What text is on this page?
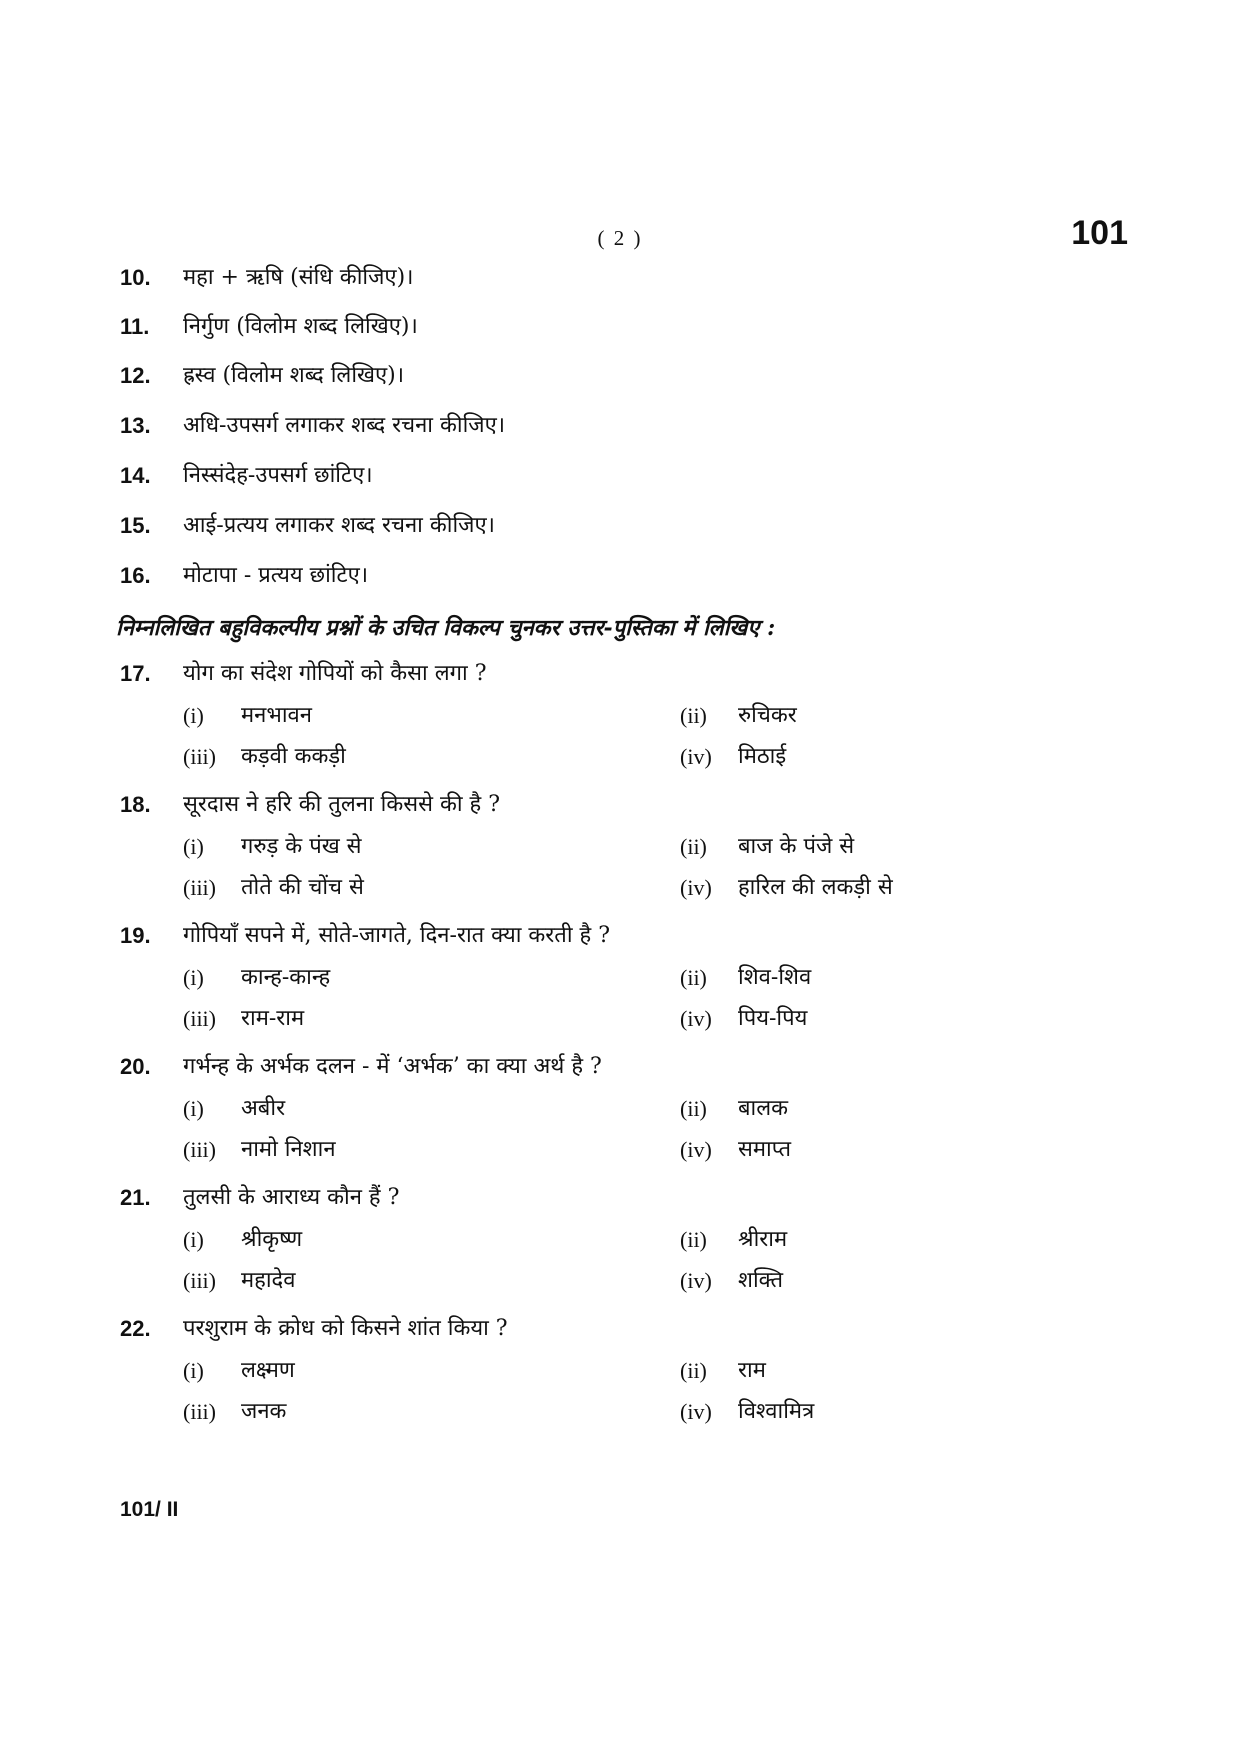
( 2 )	101
10. महा + ऋषि (संधि कीजिए)।
11. निर्गुण (विलोम शब्द लिखिए)।
12. ह्रस्व (विलोम शब्द लिखिए)।
13. अधि-उपसर्ग लगाकर शब्द रचना कीजिए।
14. निस्संदेह-उपसर्ग छांटिए।
15. आई-प्रत्यय लगाकर शब्द रचना कीजिए।
16. मोटापा - प्रत्यय छांटिए।
निम्नलिखित बहुविकल्पीय प्रश्नों के उचित विकल्प चुनकर उत्तर-पुस्तिका में लिखिए :
17. योग का संदेश गोपियों को कैसा लगा ?
(i) मनभावन	(ii) रुचिकर
(iii) कड़वी ककड़ी	(iv) मिठाई
18. सूरदास ने हरि की तुलना किससे की है ?
(i) गरुड़ के पंख से	(ii) बाज के पंजे से
(iii) तोते की चोंच से	(iv) हारिल की लकड़ी से
19. गोपियाँ सपने में, सोते-जागते, दिन-रात क्या करती है ?
(i) कान्ह-कान्ह	(ii) शिव-शिव
(iii) राम-राम	(iv) पिय-पिय
20. गर्भन्ह के अर्भक दलन - में ‘अर्भक’ का क्या अर्थ है ?
(i) अबीर	(ii) बालक
(iii) नामो निशान	(iv) समाप्त
21. तुलसी के आराध्य कौन हैं ?
(i) श्रीकृष्ण	(ii) श्रीराम
(iii) महादेव	(iv) शक्ति
22. परशुराम के क्रोध को किसने शांत किया ?
(i) लक्ष्मण	(ii) राम
(iii) जनक	(iv) विश्वामित्र
101/ II
